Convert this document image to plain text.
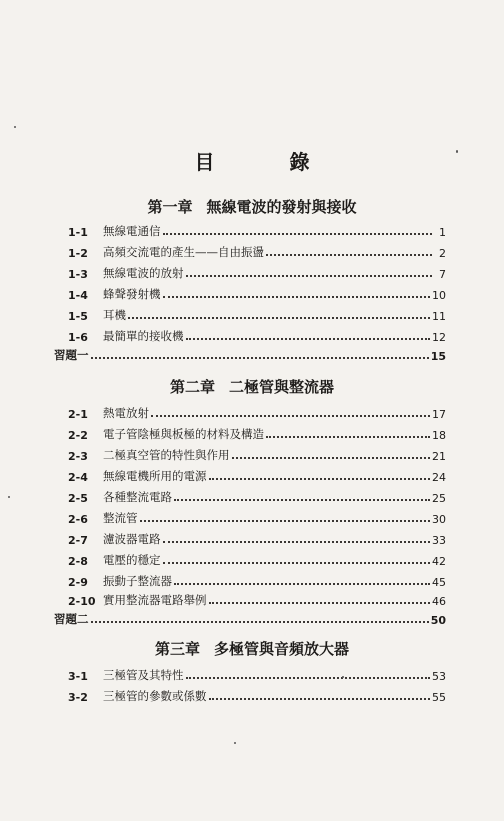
目 錄
第一章 無線電波的發射與接收
1-1	無線電通信	1
1-2	高頻交流電的產生——自由振盪	2
1-3	無線電波的放射	7
1-4	蜂聲發射機	10
1-5	耳機	11
1-6	最簡單的接收機	12
習題一	15
第二章 二極管與整流器
2-1	熱電放射	17
2-2	電子管陰極與板極的材料及構造	18
2-3	二極真空管的特性與作用	21
2-4	無線電機所用的電源	24
2-5	各種整流電路	25
2-6	整流管	30
2-7	濾波器電路	33
2-8	電壓的穩定	42
2-9	振動子整流器	45
2-10 實用整流器電路舉例	46
習題二	50
第三章 多極管與音頻放大器
3-1	三極管及其特性	53
3-2	三極管的參數或係數	55
